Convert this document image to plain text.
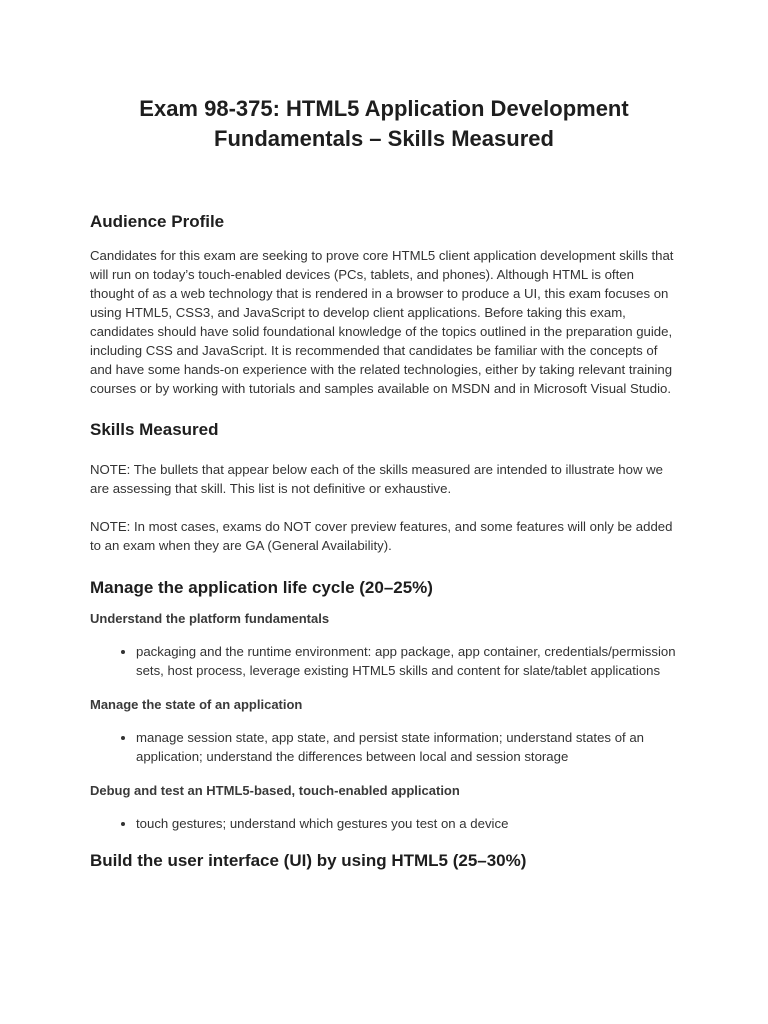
Exam 98-375: HTML5 Application Development
Fundamentals – Skills Measured
Audience Profile

Candidates for this exam are seeking to prove core HTML5 client application development skills that will run on today’s touch-enabled devices (PCs, tablets, and phones). Although HTML is often thought of as a web technology that is rendered in a browser to produce a UI, this exam focuses on using HTML5, CSS3, and JavaScript to develop client applications. Before taking this exam, candidates should have solid foundational knowledge of the topics outlined in the preparation guide, including CSS and JavaScript. It is recommended that candidates be familiar with the concepts of and have some hands-on experience with the related technologies, either by taking relevant training courses or by working with tutorials and samples available on MSDN and in Microsoft Visual Studio.

Skills Measured

NOTE: The bullets that appear below each of the skills measured are intended to illustrate how we are assessing that skill. This list is not definitive or exhaustive.

NOTE: In most cases, exams do NOT cover preview features, and some features will only be added to an exam when they are GA (General Availability).

Manage the application life cycle (20–25%)
Understand the platform fundamentals
• packaging and the runtime environment: app package, app container, credentials/permission sets, host process, leverage existing HTML5 skills and content for slate/tablet applications
Manage the state of an application
• manage session state, app state, and persist state information; understand states of an application; understand the differences between local and session storage
Debug and test an HTML5-based, touch-enabled application
• touch gestures; understand which gestures you test on a device
Build the user interface (UI) by using HTML5 (25–30%)
